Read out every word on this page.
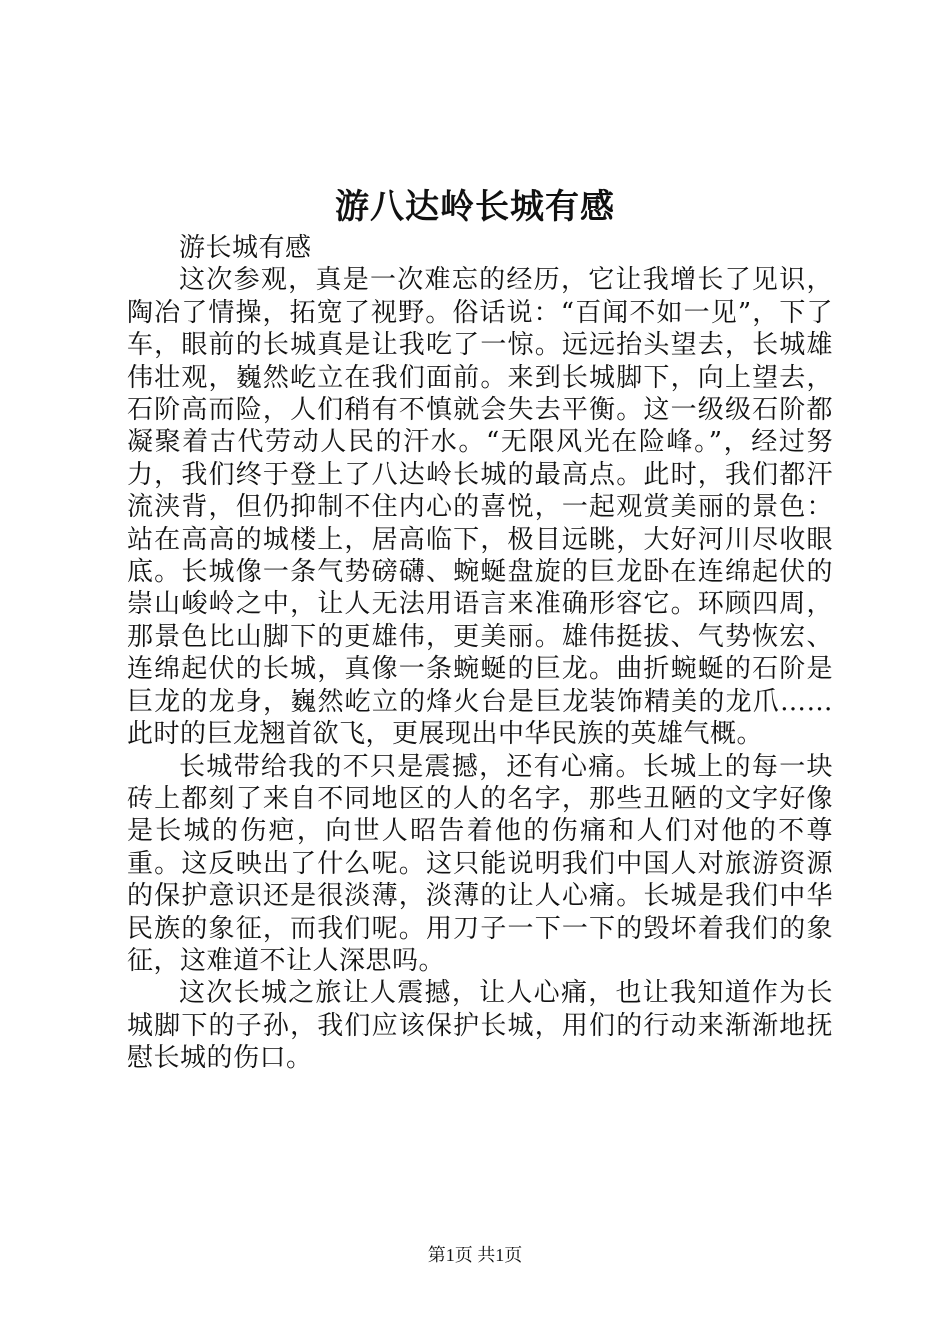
游八达岭长城有感

游长城有感

这次参观，真是一次难忘的经历，它让我增长了见识，陶冶了情操，拓宽了视野。俗话说：“百闻不如一见”，下了车，眼前的长城真是让我吃了一惊。远远抬头望去，长城雄伟壮观，巍然屹立在我们面前。来到长城脚下，向上望去，石阶高而险，人们稍有不慎就会失去平衡。这一级级石阶都凝聚着古代劳动人民的汗水。“无限风光在险峰。”，经过努力，我们终于登上了八达岭长城的最高点。此时，我们都汗流浃背，但仍抑制不住内心的喜悦，一起观赏美丽的景色：站在高高的城楼上，居高临下，极目远眺，大好河川尽收眼底。长城像一条气势磅礴、蜿蜒盘旋的巨龙卧在连绵起伏的崇山峻岭之中，让人无法用语言来准确形容它。环顾四周，那景色比山脚下的更雄伟，更美丽。雄伟挺拔、气势恢宏、连绵起伏的长城，真像一条蜿蜒的巨龙。曲折蜿蜒的石阶是巨龙的龙身，巍然屹立的烽火台是巨龙装饰精美的龙爪……此时的巨龙翘首欲飞，更展现出中华民族的英雄气概。

长城带给我的不只是震撼，还有心痛。长城上的每一块砖上都刻了来自不同地区的人的名字，那些丑陋的文字好像是长城的伤疤，向世人昭告着他的伤痛和人们对他的不尊重。这反映出了什么呢。这只能说明我们中国人对旅游资源的保护意识还是很淡薄，淡薄的让人心痛。长城是我们中华民族的象征，而我们呢。用刀子一下一下的毁坏着我们的象征，这难道不让人深思吗。

这次长城之旅让人震撼，让人心痛，也让我知道作为长城脚下的子孙，我们应该保护长城，用们的行动来渐渐地抚慰长城的伤口。

第1页 共1页
